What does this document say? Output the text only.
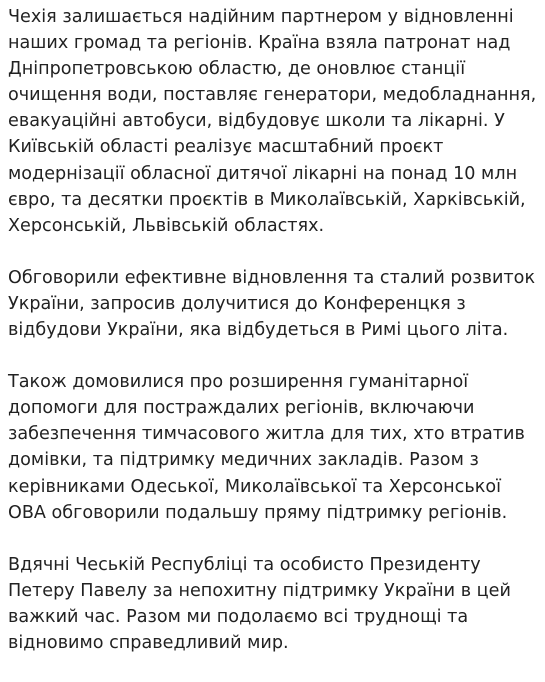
Чехія залишається надійним партнером у відновленні
наших громад та регіонів. Країна взяла патронат над
Дніпропетровською областю, де оновлює станції
очищення води, поставляє генератори, медобладнання,
евакуаційні автобуси, відбудовує школи та лікарні. У
Київській області реалізує масштабний проєкт
модернізації обласної дитячої лікарні на понад 10 млн
євро, та десятки проєктів в Миколаївській, Харківській,
Херсонській, Львівській областях.

Обговорили ефективне відновлення та сталий розвиток
України, запросив долучитися до Конференцкя з
відбудови України, яка відбудеться в Римі цього літа.

Також домовилися про розширення гуманітарної
допомоги для постраждалих регіонів, включаючи
забезпечення тимчасового житла для тих, хто втратив
домівки, та підтримку медичних закладів. Разом з
керівниками Одеської, Миколаївської та Херсонської
ОВА обговорили подальшу пряму підтримку регіонів.

Вдячні Чеській Республіці та особисто Президенту
Петеру Павелу за непохитну підтримку України в цей
важкий час. Разом ми подолаємо всі труднощі та
відновимо справедливий мир.
